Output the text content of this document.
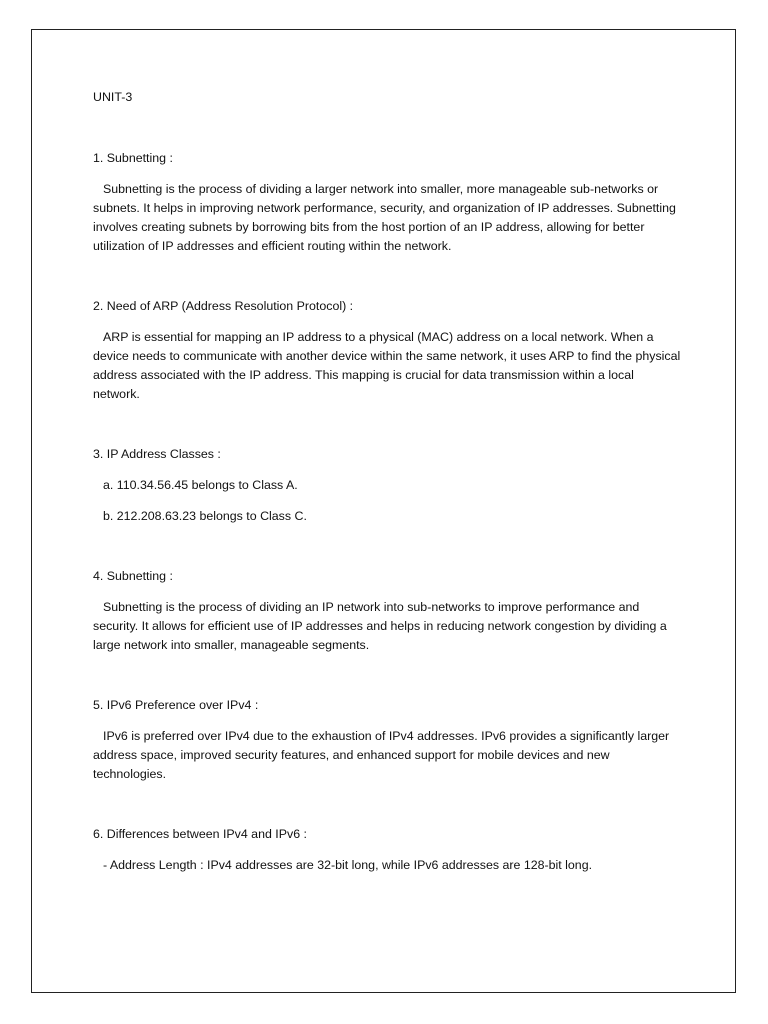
UNIT-3
1. Subnetting :

Subnetting is the process of dividing a larger network into smaller, more manageable sub-networks or subnets. It helps in improving network performance, security, and organization of IP addresses. Subnetting involves creating subnets by borrowing bits from the host portion of an IP address, allowing for better utilization of IP addresses and efficient routing within the network.

2. Need of ARP (Address Resolution Protocol) :

ARP is essential for mapping an IP address to a physical (MAC) address on a local network. When a device needs to communicate with another device within the same network, it uses ARP to find the physical address associated with the IP address. This mapping is crucial for data transmission within a local network.

3. IP Address Classes :
a. 110.34.56.45 belongs to Class A.
b. 212.208.63.23 belongs to Class C.
4. Subnetting :

Subnetting is the process of dividing an IP network into sub-networks to improve performance and security. It allows for efficient use of IP addresses and helps in reducing network congestion by dividing a large network into smaller, manageable segments.

5. IPv6 Preference over IPv4 :

IPv6 is preferred over IPv4 due to the exhaustion of IPv4 addresses. IPv6 provides a significantly larger address space, improved security features, and enhanced support for mobile devices and new technologies.

6. Differences between IPv4 and IPv6 :
- Address Length : IPv4 addresses are 32-bit long, while IPv6 addresses are 128-bit long.
